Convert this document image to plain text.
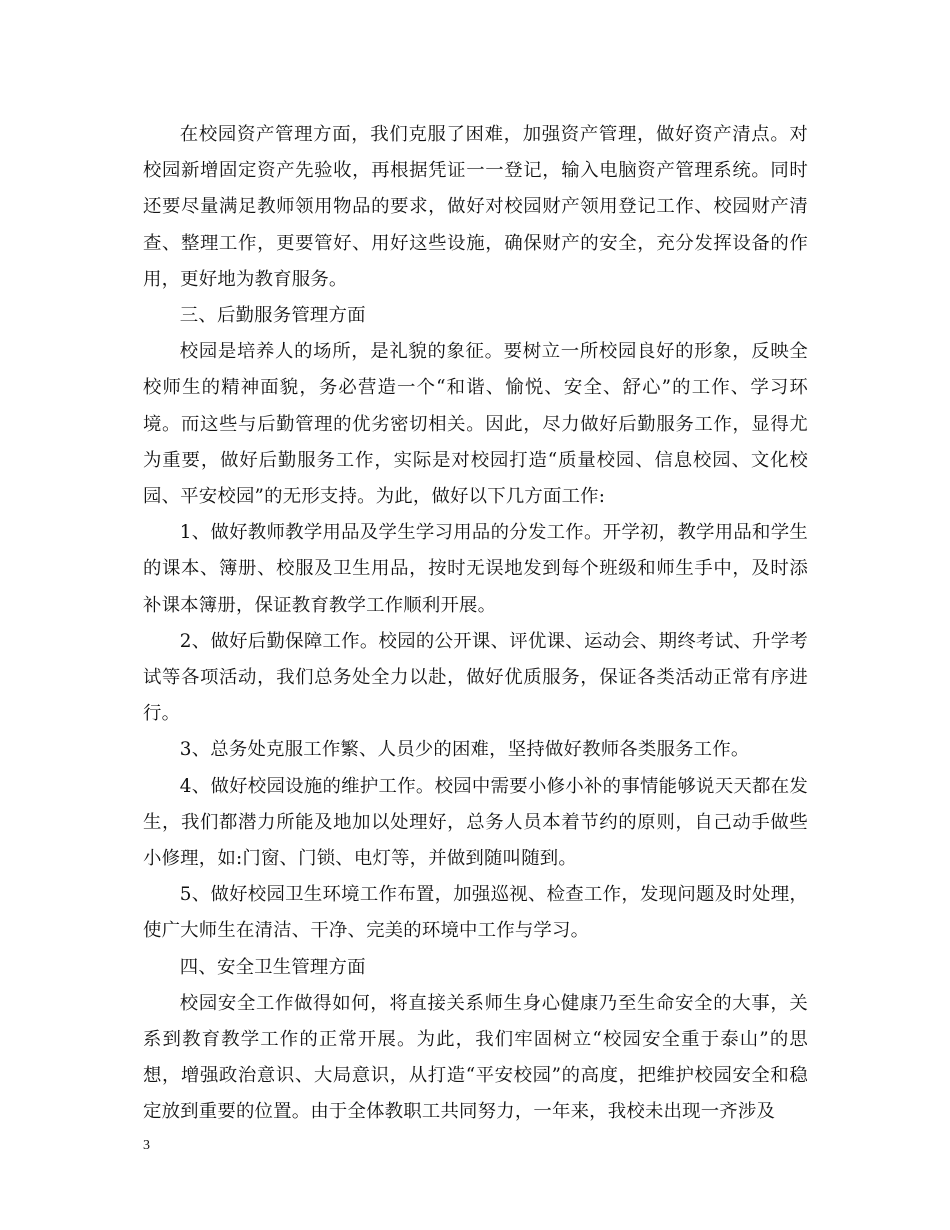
在校园资产管理方面，我们克服了困难，加强资产管理，做好资产清点。对校园新增固定资产先验收，再根据凭证一一登记，输入电脑资产管理系统。同时还要尽量满足教师领用物品的要求，做好对校园财产领用登记工作、校园财产清查、整理工作，更要管好、用好这些设施，确保财产的安全，充分发挥设备的作用，更好地为教育服务。

三、后勤服务管理方面

校园是培养人的场所，是礼貌的象征。要树立一所校园良好的形象，反映全校师生的精神面貌，务必营造一个“和谐、愉悦、安全、舒心”的工作、学习环境。而这些与后勤管理的优劣密切相关。因此，尽力做好后勤服务工作，显得尤为重要，做好后勤服务工作，实际是对校园打造“质量校园、信息校园、文化校园、平安校园”的无形支持。为此，做好以下几方面工作:

1、做好教师教学用品及学生学习用品的分发工作。开学初，教学用品和学生的课本、簿册、校服及卫生用品，按时无误地发到每个班级和师生手中，及时添补课本簿册，保证教育教学工作顺利开展。

2、做好后勤保障工作。校园的公开课、评优课、运动会、期终考试、升学考试等各项活动，我们总务处全力以赴，做好优质服务，保证各类活动正常有序进行。

3、总务处克服工作繁、人员少的困难，坚持做好教师各类服务工作。

4、做好校园设施的维护工作。校园中需要小修小补的事情能够说天天都在发生，我们都潜力所能及地加以处理好，总务人员本着节约的原则，自己动手做些小修理，如:门窗、门锁、电灯等，并做到随叫随到。

5、做好校园卫生环境工作布置，加强巡视、检查工作，发现问题及时处理，使广大师生在清洁、干净、完美的环境中工作与学习。

四、安全卫生管理方面

校园安全工作做得如何，将直接关系师生身心健康乃至生命安全的大事，关系到教育教学工作的正常开展。为此，我们牢固树立“校园安全重于泰山”的思想，增强政治意识、大局意识，从打造“平安校园”的高度，把维护校园安全和稳定放到重要的位置。由于全体教职工共同努力，一年来，我校未出现一齐涉及

3
